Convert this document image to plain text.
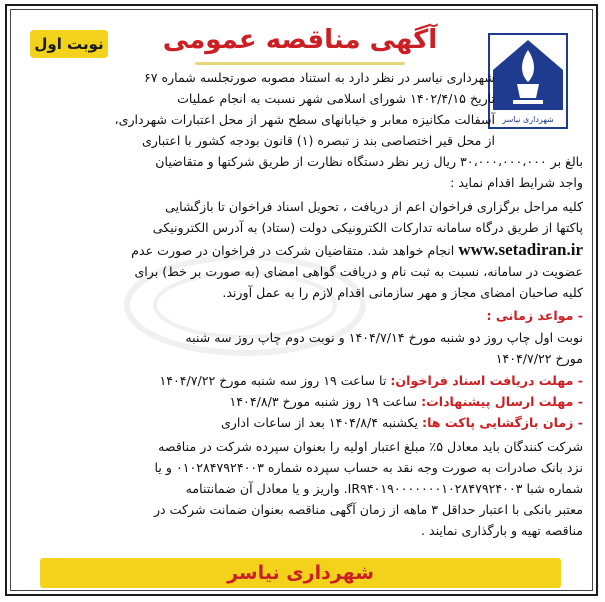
نوبت اول	آگهی مناقصه عمومی
شهرداری نیاسر
شهرداری نیاسر در نظر دارد به استناد مصوبه صورتجلسه شماره ۶۷
تاریخ ۱۴۰۲/۴/۱۵ شورای اسلامی شهر نسبت به انجام عملیات
آسفالت مکانیزه معابر و خیابانهای سطح شهر از محل اعتبارات شهرداری،
از محل قیر اختصاصی بند ز تبصره (۱) قانون بودجه کشور با اعتباری
بالغ بر ۳۰،۰۰۰،۰۰۰،۰۰۰ ریال زیر نظر دستگاه نظارت از طریق شرکتها و متقاضیان
واجد شرایط اقدام نماید :
کلیه مراحل برگزاری فراخوان اعم از دریافت ، تحویل اسناد فراخوان تا بازگشایی
پاکتها از طریق درگاه سامانه تدارکات الکترونیکی دولت (ستاد) به آدرس الکترونیکی
www.setadiran.ir انجام خواهد شد. متقاضیان شرکت در فراخوان در صورت عدم
عضویت در سامانه، نسبت به ثبت نام و دریافت گواهی امضای (به صورت بر خط) برای
کلیه صاحبان امضای مجاز و مهر سازمانی اقدام لازم را به عمل آورند.
- مواعد زمانی :
نوبت اول چاپ روز دو شنبه مورخ ۱۴۰۴/۷/۱۴ و نوبت دوم چاپ روز سه شنبه
مورخ ۱۴۰۴/۷/۲۲
- مهلت دریافت اسناد فراخوان: تا ساعت ۱۹ روز سه شنبه مورخ ۱۴۰۴/۷/۲۲
- مهلت ارسال پیشنهادات: ساعت ۱۹ روز شنبه مورخ ۱۴۰۴/۸/۳
- زمان بازگشایی پاکت ها: یکشنبه ۱۴۰۴/۸/۴ بعد از ساعات اداری
شرکت کنندگان باید معادل ۵٪ مبلغ اعتبار اولیه را بعنوان سپرده شرکت در مناقصه
نزد بانک صادرات به صورت وجه نقد به حساب سپرده شماره ۰۱۰۲۸۴۷۹۲۴۰۰۳ و یا
شماره شبا IR۹۴۰۱۹۰۰۰۰۰۰۰۱۰۲۸۴۷۹۲۴۰۰۳. واریز و یا معادل آن ضمانتنامه
معتبر بانکی با اعتبار حداقل ۳ ماهه از زمان آگهی مناقصه بعنوان ضمانت شرکت در
مناقصه تهیه و بارگذاری نمایند .
شهرداری نیاسر
